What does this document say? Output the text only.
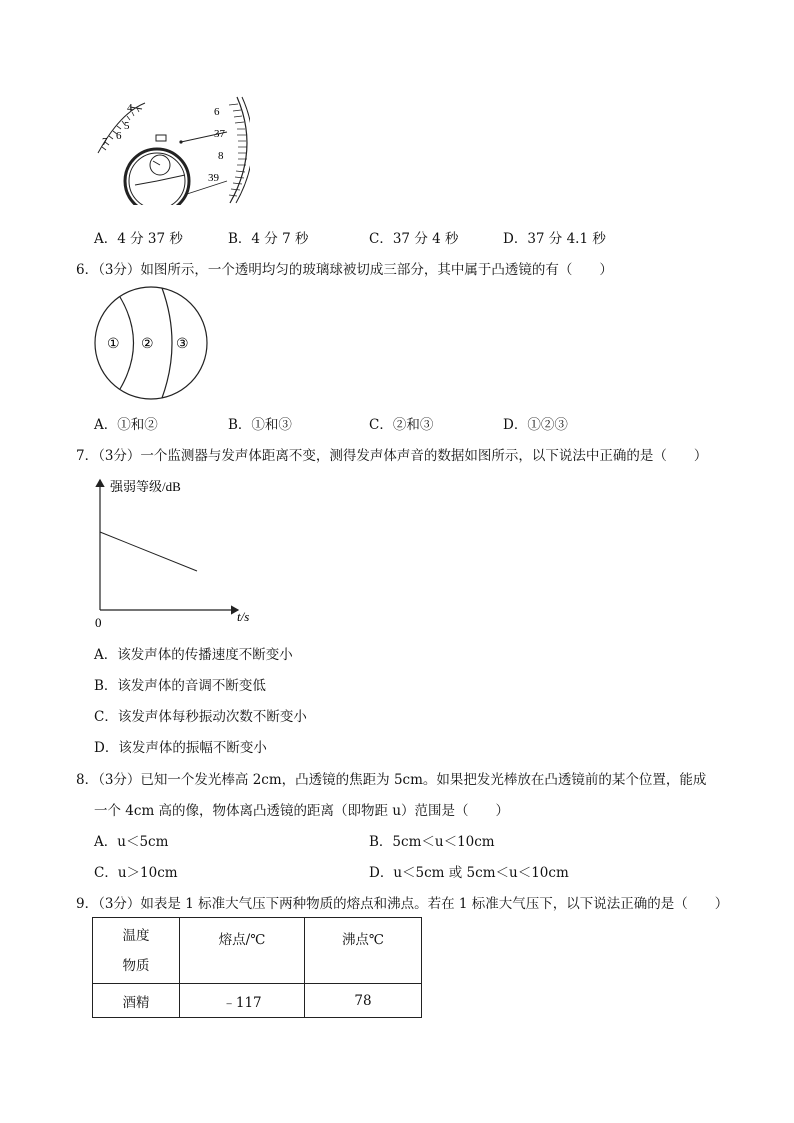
4
5
6
7
6
37
8
39
A．4 分 37 秒	B．4 分 7 秒	C．37 分 4 秒	D．37 分 4.1 秒
6．（3分）如图所示，一个透明均匀的玻璃球被切成三部分，其中属于凸透镜的有（　　）
① ② ③
A．①和②	B．①和③	C．②和③	D．①②③
7．（3分）一个监测器与发声体距离不变，测得发声体声音的数据如图所示，以下说法中正确的是（　　）
强弱等级/dB
t/s
0
A．该发声体的传播速度不断变小
B．该发声体的音调不断变低
C．该发声体每秒振动次数不断变小
D．该发声体的振幅不断变小
8．（3分）已知一个发光棒高 2cm，凸透镜的焦距为 5cm。如果把发光棒放在凸透镜前的某个位置，能成
一个 4cm 高的像，物体离凸透镜的距离（即物距 u）范围是（　　）
A．u＜5cm	B．5cm＜u＜10cm
C．u＞10cm	D．u＜5cm 或 5cm＜u＜10cm
9．（3分）如表是 1 标准大气压下两种物质的熔点和沸点。若在 1 标准大气压下，以下说法正确的是（　　）
温度
物质	熔点/℃	沸点℃
酒精	﹣117	78
